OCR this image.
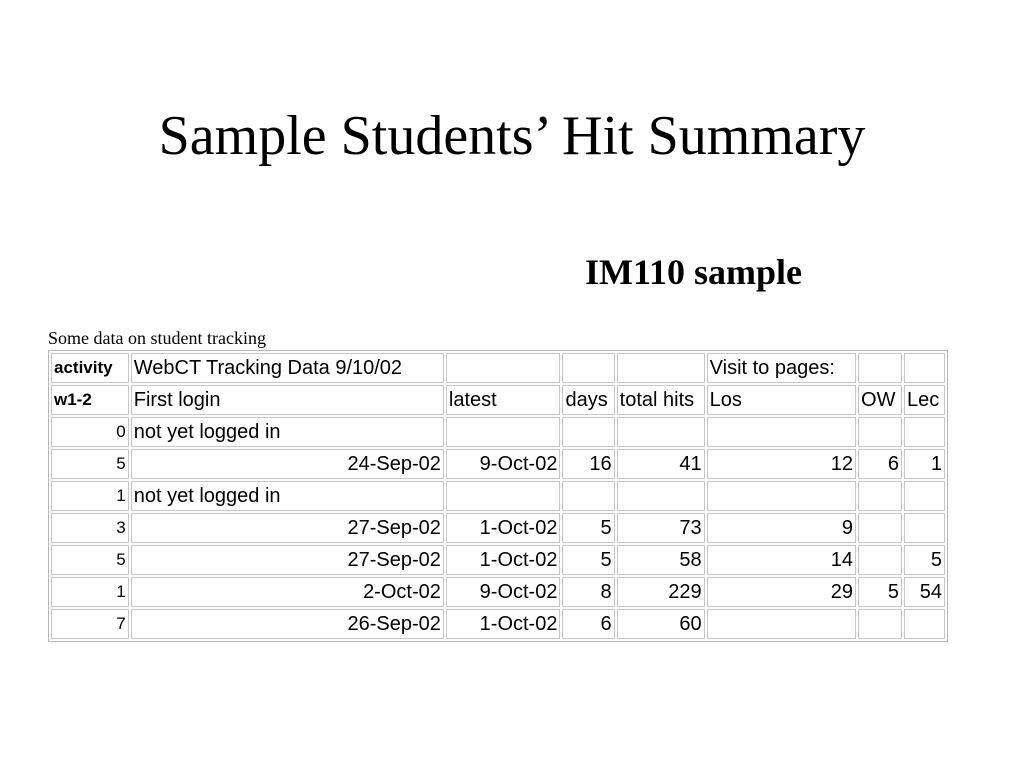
Sample Students’ Hit Summary
IM110 sample
Some data on student tracking
activity	WebCT Tracking Data 9/10/02				Visit to pages:		
w1-2	First login	latest	days	total hits	Los	OW	Lec
0	not yet logged in						
5	24-Sep-02	9-Oct-02	16	41	12	6	1
1	not yet logged in						
3	27-Sep-02	1-Oct-02	5	73	9		
5	27-Sep-02	1-Oct-02	5	58	14		5
1	2-Oct-02	9-Oct-02	8	229	29	5	54
7	26-Sep-02	1-Oct-02	6	60			
